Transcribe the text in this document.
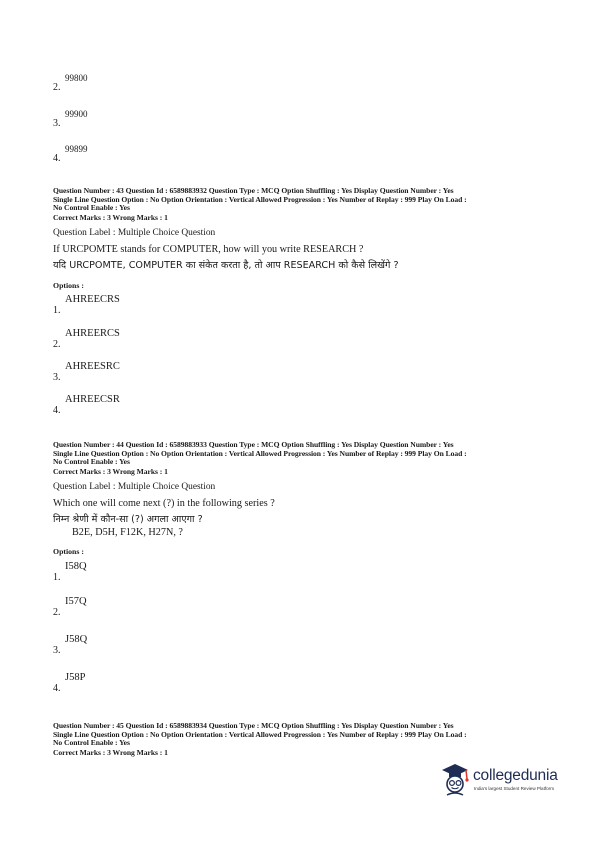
2.
99800
3.
99900
4.
99899
Question Number : 43 Question Id : 6589883932 Question Type : MCQ Option Shuffling : Yes Display Question Number : Yes
Single Line Question Option : No Option Orientation : Vertical Allowed Progression : Yes Number of Replay : 999 Play On Load :
No Control Enable : Yes
Correct Marks : 3 Wrong Marks : 1
Question Label : Multiple Choice Question
If URCPOMTE stands for COMPUTER, how will you write RESEARCH ?
यदि URCPOMTE, COMPUTER का संकेत करता है, तो आप RESEARCH को कैसे लिखेंगे ?
Options :
1.
AHREECRS
2.
AHREERCS
3.
AHREESRC
4.
AHREECSR
Question Number : 44 Question Id : 6589883933 Question Type : MCQ Option Shuffling : Yes Display Question Number : Yes
Single Line Question Option : No Option Orientation : Vertical Allowed Progression : Yes Number of Replay : 999 Play On Load :
No Control Enable : Yes
Correct Marks : 3 Wrong Marks : 1
Question Label : Multiple Choice Question
Which one will come next (?) in the following series ?
निम्न श्रेणी में कौन-सा (?) अगला आएगा ?
B2E, D5H, F12K, H27N, ?
Options :
1.
I58Q
2.
I57Q
3.
J58Q
4.
J58P
Question Number : 45 Question Id : 6589883934 Question Type : MCQ Option Shuffling : Yes Display Question Number : Yes
Single Line Question Option : No Option Orientation : Vertical Allowed Progression : Yes Number of Replay : 999 Play On Load :
No Control Enable : Yes
Correct Marks : 3 Wrong Marks : 1
collegedunia
India's largest Student Review Platform
